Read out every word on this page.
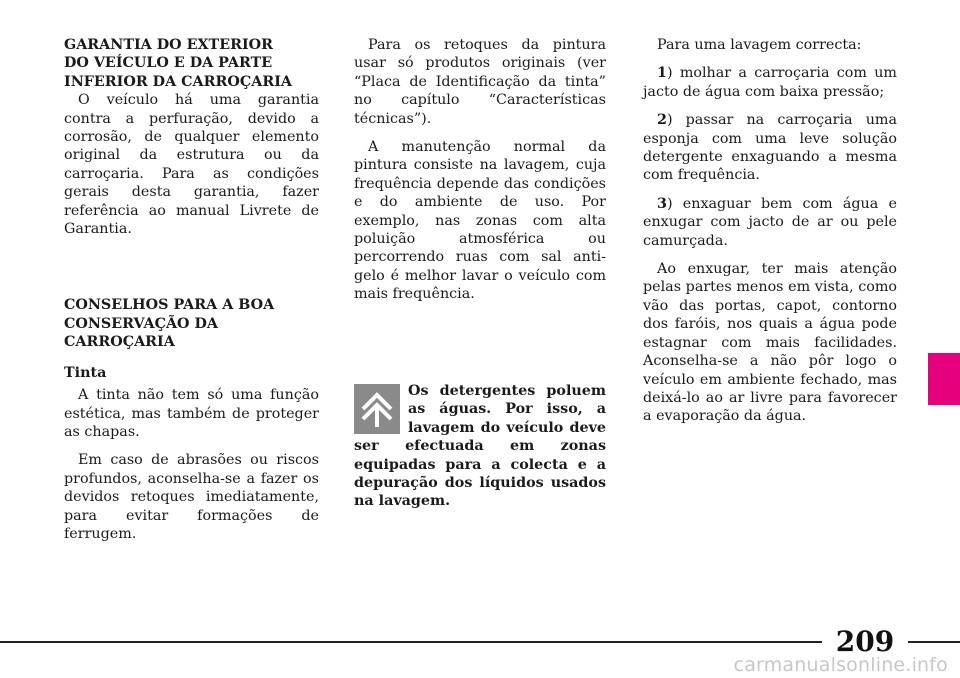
GARANTIA DO EXTERIOR
DO VEÍCULO E DA PARTE
INFERIOR DA CARROÇARIA

O veículo há uma garantia contra a perfuração, devido a corrosão, de qualquer elemento original da estrutura ou da carroçaria. Para as condições gerais desta garantia, fazer referência ao manual Livrete de Garantia.

CONSELHOS PARA A BOA
CONSERVAÇÃO DA
CARROÇARIA
Tinta

A tinta não tem só uma função estética, mas também de proteger as chapas.

Em caso de abrasões ou riscos profundos, aconselha-se a fazer os devidos retoques imediatamente, para evitar formações de ferrugem.

Para os retoques da pintura usar só produtos originais (ver “Placa de Identificação da tinta” no capítulo “Características técnicas”).

A manutenção normal da pintura consiste na lavagem, cuja frequência depende das condições e do ambiente de uso. Por exemplo, nas zonas com alta poluição atmosférica ou percorrendo ruas com sal anti-gelo é melhor lavar o veículo com mais frequência.

Os detergentes poluem as águas. Por isso, a lavagem do veículo deve ser efectuada em zonas equipadas para a colecta e a depuração dos líquidos usados na lavagem.

Para uma lavagem correcta:

1) molhar a carroçaria com um jacto de água com baixa pressão;

2) passar na carroçaria uma esponja com uma leve solução detergente enxaguando a mesma com frequência.

3) enxaguar bem com água e enxugar com jacto de ar ou pele camurçada.

Ao enxugar, ter mais atenção pelas partes menos em vista, como vão das portas, capot, contorno dos faróis, nos quais a água pode estagnar com mais facilidades. Aconselha-se a não pôr logo o veículo em ambiente fechado, mas deixá-lo ao ar livre para favorecer a evaporação da água.

209
carmanualsonline.info
